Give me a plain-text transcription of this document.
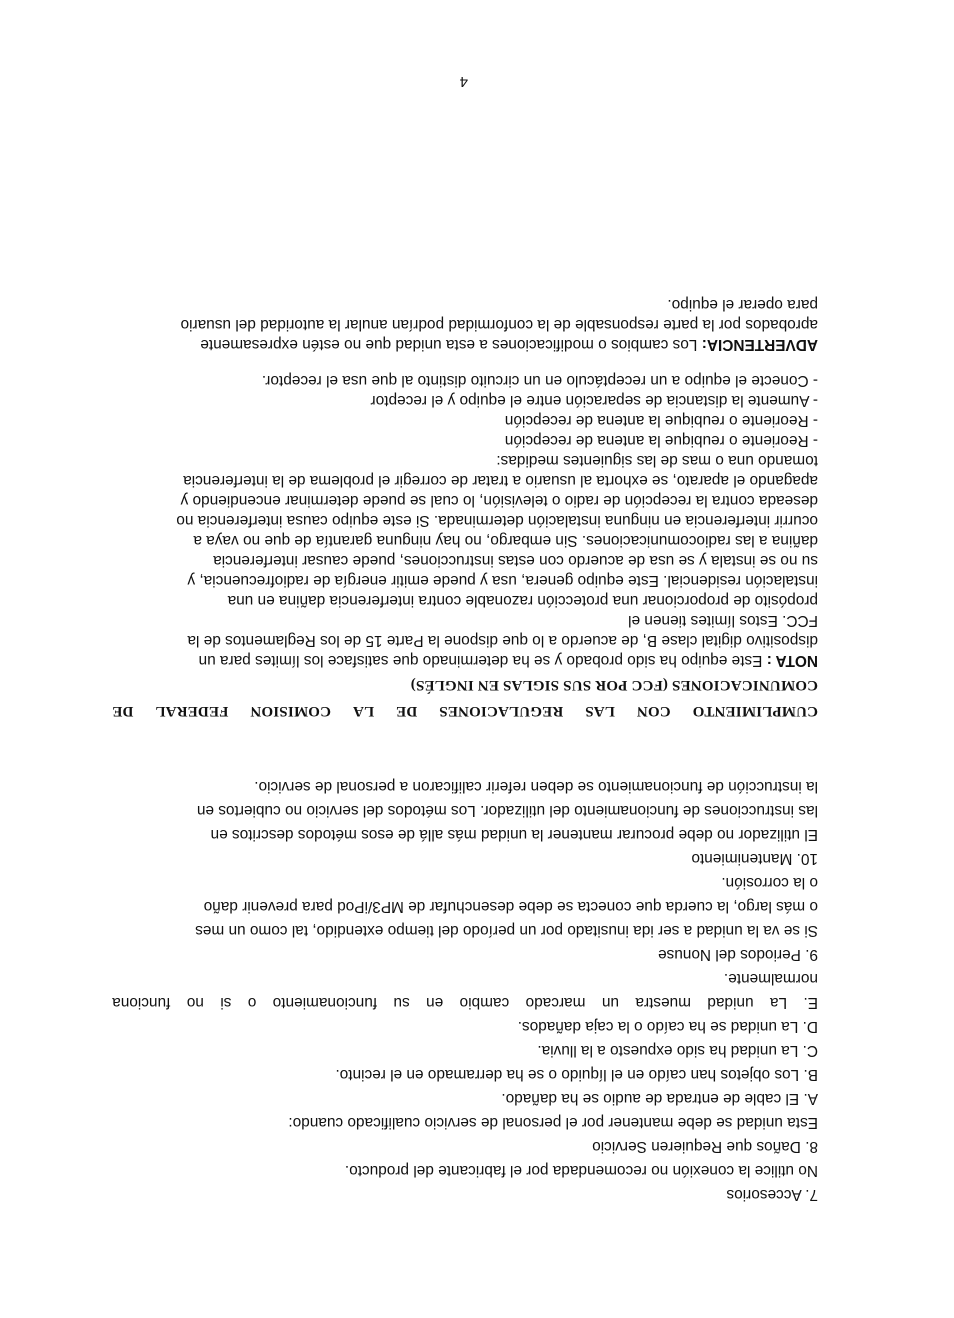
7. Accesorios
No utilice la conexión no recomendada por el fabricante del producto.
8. Daños que Requieren Servicio
Esta unidad se debe mantener por el personal de servicio cualificado cuando:
A. El cable de entrada de audio se ha dañado.
B. Los objetos han caído en el líquido o se ha derramado en el recinto.
C. La unidad ha sido expuesto a la lluvia.
D. La unidad se ha caído o la caja dañados.
E.
La
unidad
muestra
un
marcado
cambio
en
su
funcionamiento
o
si
no
funciona
normalmente.
9. Periodos del Nonuse
Si se va la unidad a ser ida inusitado por un período del tiempo extendido, tal como un mes
o más largo, la cuerda que conecta se debe desenchufar de MP3/iPod para prevenir daño
o la corrosión.
10. Mantenimiento
El utilizador no debe procurar mantener la unidad más allá de esos métodos descritos en
las instrucciones de funcionamiento del utilizador. Los métodos del servicio no cubiertos en
la instrucción de funcionamiento se deben referir calificaron a personal de servicio.
CUMPLIMIENTO
CON
LAS
REGULACIONES
DE
LA
COMISION
FEDERAL
DE
COMUNICACIONES (FCC POR SUS SIGLAS EN INGLÉS)
NOTA : Este equipo ha sido probado y se ha determinado que satisface los límites para un
dispositivo digital clase B, de acuerdo a lo que dispone la Parte 15 de los Reglamentos de la
FCC. Estos límites tienen el
propósito de proporcionar una protección razonable contra interferencia dañina en una
instalación residencial. Este equipo genera, usa y puede emitir energía de radiofrecuencia, y
su no se instala y se usa de acuerdo con estas instrucciones, puede causar interferencia
dañina a las radiocomunicaciones. Sin embargo, no hay ninguna garantía de que no vaya a
ocurrir interferencia en ninguna instalación determinada. Si este equipo causa interferencia no
deseada contra la recepción de radio o televisión, lo cual se puede determinar encendiendo y
apagando el aparato, se exhorta al usuario a tratar de corregir el problema de la interferencia
tomando una o mas de las siguientes medidas:
- Reoriente o reubique la antena de recepción
- Reoriente o reubique la antena de recepción
- Aumente la distancia de separación entre el equipo y el receptor
- Conecte el equipo a un receptáculo en un circuito distinto al que usa el receptor.
ADVERTENCIA: Los cambios o modificaciones a esta unidad que no estén expresamente
aprobados por la parte responsable de la conformidad podrían anular la autoridad del usuario
para operar el equipo.
4
